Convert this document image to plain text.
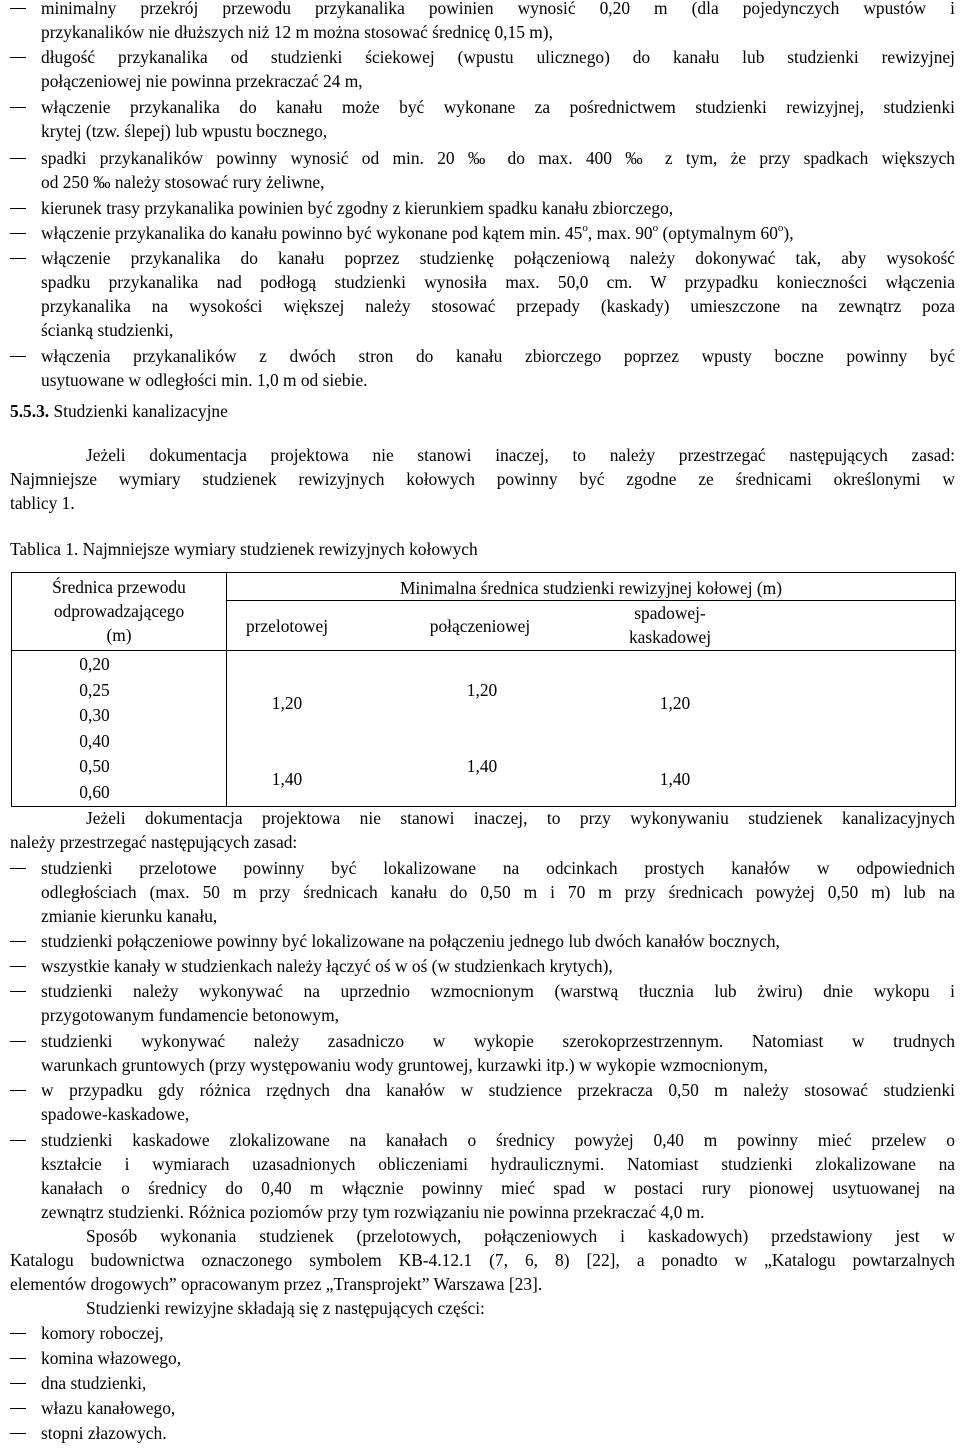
minimalny przekrój przewodu przykanalika powinien wynosić 0,20 m (dla pojedynczych wpustów i
przykanalików nie dłuższych niż 12 m można stosować średnicę 0,15 m),
długość przykanalika od studzienki ściekowej (wpustu ulicznego) do kanału lub studzienki rewizyjnej
połączeniowej nie powinna przekraczać 24 m,
włączenie przykanalika do kanału może być wykonane za pośrednictwem studzienki rewizyjnej, studzienki
krytej (tzw. ślepej) lub wpustu bocznego,
spadki przykanalików powinny wynosić od min. 20 ‰ do max. 400 ‰ z tym, że przy spadkach większych
od 250 ‰ należy stosować rury żeliwne,
kierunek trasy przykanalika powinien być zgodny z kierunkiem spadku kanału zbiorczego,
włączenie przykanalika do kanału powinno być wykonane pod kątem min. 45$^o$, max. 90$^o$ (optymalnym 60$^o$),
włączenie przykanalika do kanału poprzez studzienkę połączeniową należy dokonywać tak, aby wysokość
spadku przykanalika nad podłogą studzienki wynosiła max. 50,0 cm. W przypadku konieczności włączenia
przykanalika na wysokości większej należy stosować przepady (kaskady) umieszczone na zewnątrz poza
ścianką studzienki,
włączenia przykanalików z dwóch stron do kanału zbiorczego poprzez wpusty boczne powinny być
usytuowane w odległości min. 1,0 m od siebie.
5.5.3. Studzienki kanalizacyjne
Jeżeli dokumentacja projektowa nie stanowi inaczej, to należy przestrzegać następujących zasad:
Najmniejsze wymiary studzienek rewizyjnych kołowych powinny być zgodne ze średnicami określonymi w
tablicy 1.
Tablica 1. Najmniejsze wymiary studzienek rewizyjnych kołowych
Średnica przewodu
odprowadzającego
(m)
Minimalna średnica studzienki rewizyjnej kołowej (m)
przelotowej	połączeniowej
spadowej-
kaskadowej
0,20
0,25
0,30
0,40
0,50
0,60
1,20
1,20
1,20
1,40
1,40
1,40
Jeżeli dokumentacja projektowa nie stanowi inaczej, to przy wykonywaniu studzienek kanalizacyjnych
należy przestrzegać następujących zasad:
studzienki przelotowe powinny być lokalizowane na odcinkach prostych kanałów w odpowiednich
odległościach (max. 50 m przy średnicach kanału do 0,50 m i 70 m przy średnicach powyżej 0,50 m) lub na
zmianie kierunku kanału,
studzienki połączeniowe powinny być lokalizowane na połączeniu jednego lub dwóch kanałów bocznych,
wszystkie kanały w studzienkach należy łączyć oś w oś (w studzienkach krytych),
studzienki należy wykonywać na uprzednio wzmocnionym (warstwą tłucznia lub żwiru) dnie wykopu i
przygotowanym fundamencie betonowym,
studzienki wykonywać należy zasadniczo w wykopie szerokoprzestrzennym. Natomiast w trudnych
warunkach gruntowych (przy występowaniu wody gruntowej, kurzawki itp.) w wykopie wzmocnionym,
w przypadku gdy różnica rzędnych dna kanałów w studzience przekracza 0,50 m należy stosować studzienki
spadowe-kaskadowe,
studzienki kaskadowe zlokalizowane na kanałach o średnicy powyżej 0,40 m powinny mieć przelew o
kształcie i wymiarach uzasadnionych obliczeniami hydraulicznymi. Natomiast studzienki zlokalizowane na
kanałach o średnicy do 0,40 m włącznie powinny mieć spad w postaci rury pionowej usytuowanej na
zewnątrz studzienki. Różnica poziomów przy tym rozwiązaniu nie powinna przekraczać 4,0 m.
Sposób wykonania studzienek (przelotowych, połączeniowych i kaskadowych) przedstawiony jest w
Katalogu budownictwa oznaczonego symbolem KB-4.12.1 (7, 6, 8) [22], a ponadto w „Katalogu powtarzalnych
elementów drogowych” opracowanym przez „Transprojekt” Warszawa [23].
Studzienki rewizyjne składają się z następujących części:
komory roboczej,
komina włazowego,
dna studzienki,
włazu kanałowego,
stopni złazowych.
